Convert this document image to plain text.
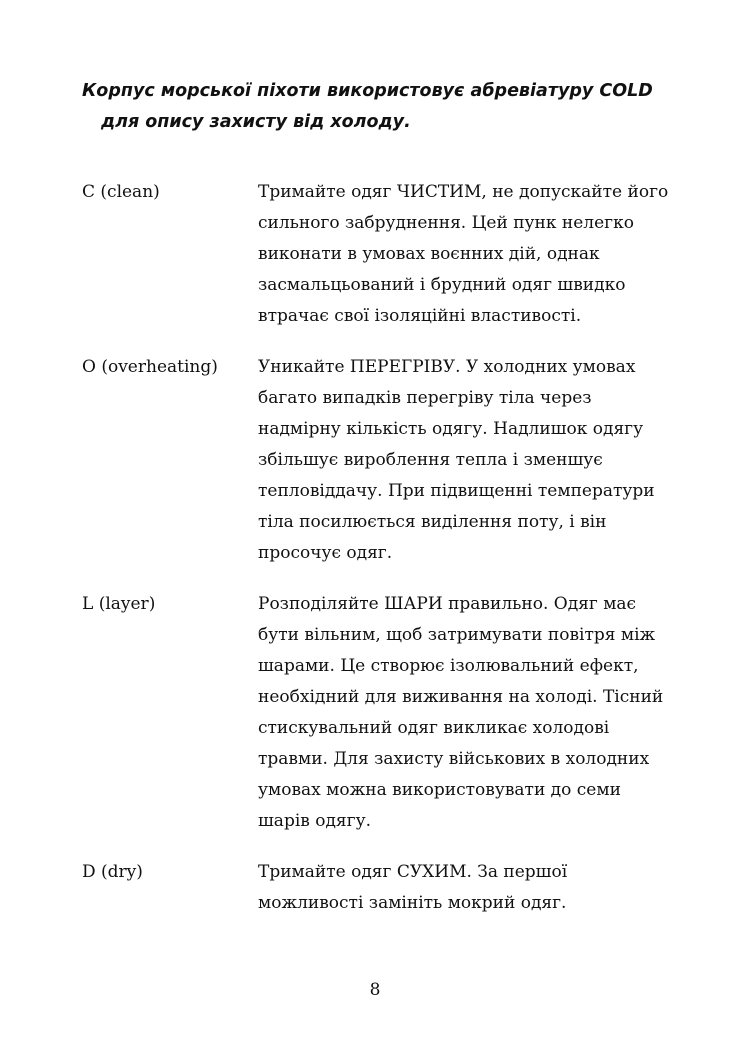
Корпус морської піхоти використовує абревіатуру COLD
для опису захисту від холоду.
C (clean)	Тримайте одяг ЧИСТИМ, не допускайте його
сильного забруднення. Цей пунк нелегко
виконати в умовах воєнних дій, однак
засмальцьований і брудний одяг швидко
втрачає свої ізоляційні властивості.
O (overheating)	Уникайте ПЕРЕГРІВУ. У холодних умовах
багато випадків перегріву тіла через
надмірну кількість одягу. Надлишок одягу
збільшує вироблення тепла і зменшує
тепловіддачу. При підвищенні температури
тіла посилюється виділення поту, і він
просочує одяг.
L (layer)	Розподіляйте ШАРИ правильно. Одяг має
бути вільним, щоб затримувати повітря між
шарами. Це створює ізолювальний ефект,
необхідний для виживання на холоді. Тісний
стискувальний одяг викликає холодові
травми. Для захисту військових в холодних
умовах можна використовувати до семи
шарів одягу.
D (dry)	Тримайте одяг СУХИМ. За першої
можливості замініть мокрий одяг.
8
